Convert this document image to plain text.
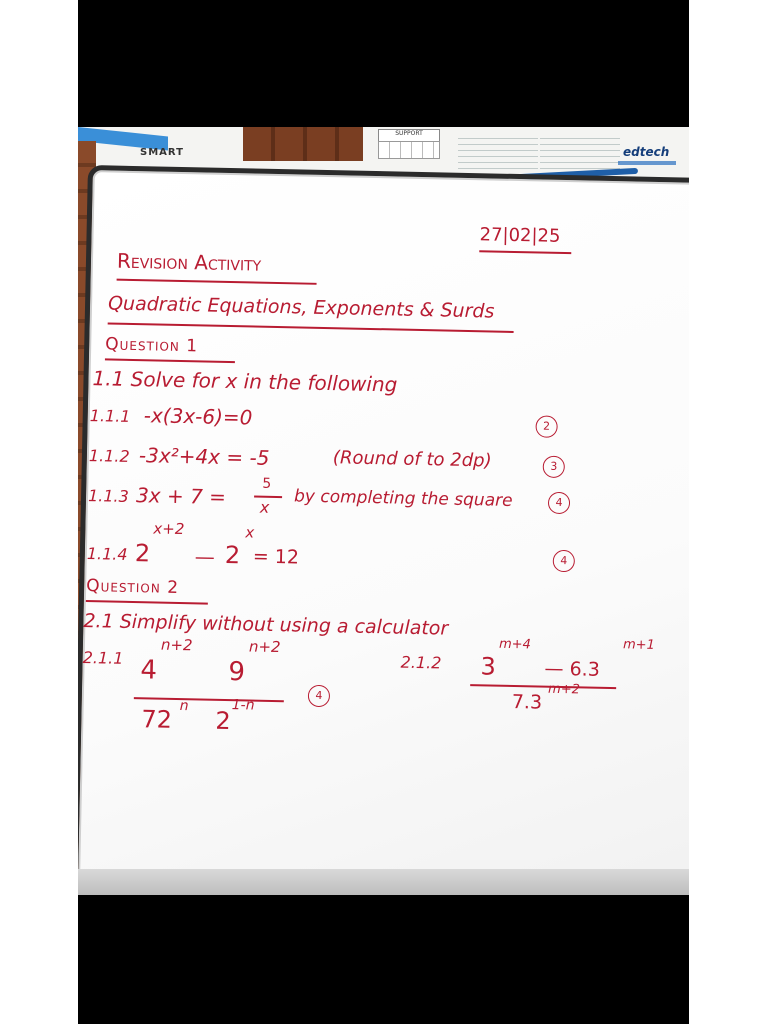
SMART
SUPPORT
edtech
27|02|25
Revision Activity
Quadratic Equations, Exponents & Surds
Question 1
1.1 Solve for x in the following
1.1.1 -x(3x-6)=0	2
1.1.2 -3x²+4x = -5	(Round of to 2dp)	3
1.1.3 3x + 7 =	5
x by completing the square	4
1.1.4 2
x+2
— 2
x
= 12	4
Question 2
2.1 Simplify without using a calculator
2.1.1 4
n+2
9
n+2
72 n
2
1-n
4
2.1.2 3
m+4
— 6.3
m+1
7.3
m+2
